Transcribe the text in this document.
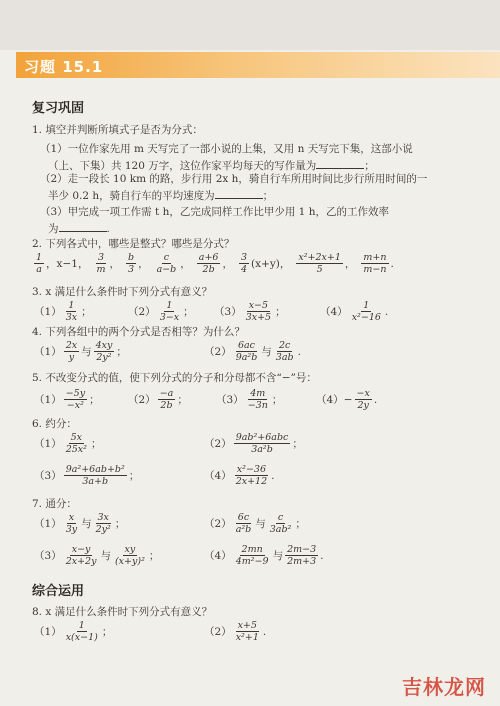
习题 15.1
复习巩固
1. 填空并判断所填式子是否为分式：
（1）一位作家先用 m 天写完了一部小说的上集，又用 n 天写完下集，这部小说
（上、下集）共 120 万字，这位作家平均每天的写作量为	；
（2）走一段长 10 km 的路，步行用 2x h，骑自行车所用时间比步行所用时间的一
半少 0.2 h，骑自行车的平均速度为	；
（3）甲完成一项工作需 t h，乙完成同样工作比甲少用 1 h，乙的工作效率
为	.
2. 下列各式中，哪些是整式？哪些是分式？
$\frac{1}{a}$ ，x−1， $\frac{3}{m}$ ， $\frac{b}{3}$ ， $\frac{c}{a-b}$ ， $\frac{a+6}{2b}$ ， $\frac{3}{4} (x+y)$， $\frac{\text{x²+2x+1}}{5}$ ， $\frac{m+n}{m-n}$ .
3. x 满足什么条件时下列分式有意义？
$(1) \frac{1}{3x}$ ；	$(2) \frac{1}{3-x}$ ； $(3) \frac{x-5}{3x+5}$ ；	$(4) \frac{1}{\text{x²−16}}$ .
4. 下列各组中的两个分式是否相等？为什么？
$(1) \frac{2x}{y}$ 与 $\frac{4xy}{\text{2y²}}$ ；	$(2) \frac{6ac}{\text{9a²b}}$ 与 $\frac{2c}{3ab}$ .
5. 不改变分式的值，使下列分式的分子和分母都不含“−”号：
$(1) \frac{-5y}{\text{−x²}}$ ；	$(2) \frac{-a}{2b}$ ；	$(3) \frac{4m}{-3n}$ ；	$(4) - \frac{-x}{2y}$ .
6. 约分：
$(1) \frac{5x}{\text{25x²}}$ ；	$(2) \frac{\text{9ab²+6abc}}{\text{3a²b}}$ ；
$(3) \frac{\text{9a²+6ab+b²}}{3a+b}$ ；	$(4) \frac{\text{x²−36}}{2x+12}$ .
7. 通分：
$(1) \frac{x}{3y}$ 与 $\frac{3x}{\text{2y²}}$ ；	$(2) \frac{6c}{\text{a²b}}$ 与 $\frac{c}{\text{3ab²}}$ ；
$(3) \frac{x-y}{2x+2y}$ 与 $\frac{xy}{\text{(x+y)²}}$ ；	$(4) \frac{2mn}{\text{4m²−9}}$ 与 $\frac{2m-3}{2m+3}$ .
综合运用
8. x 满足什么条件时下列分式有意义？
$(1) \frac{1}{x(x-1)}$ ；	$(2) \frac{x+5}{\text{x²+1}}$ .
吉林龙网
